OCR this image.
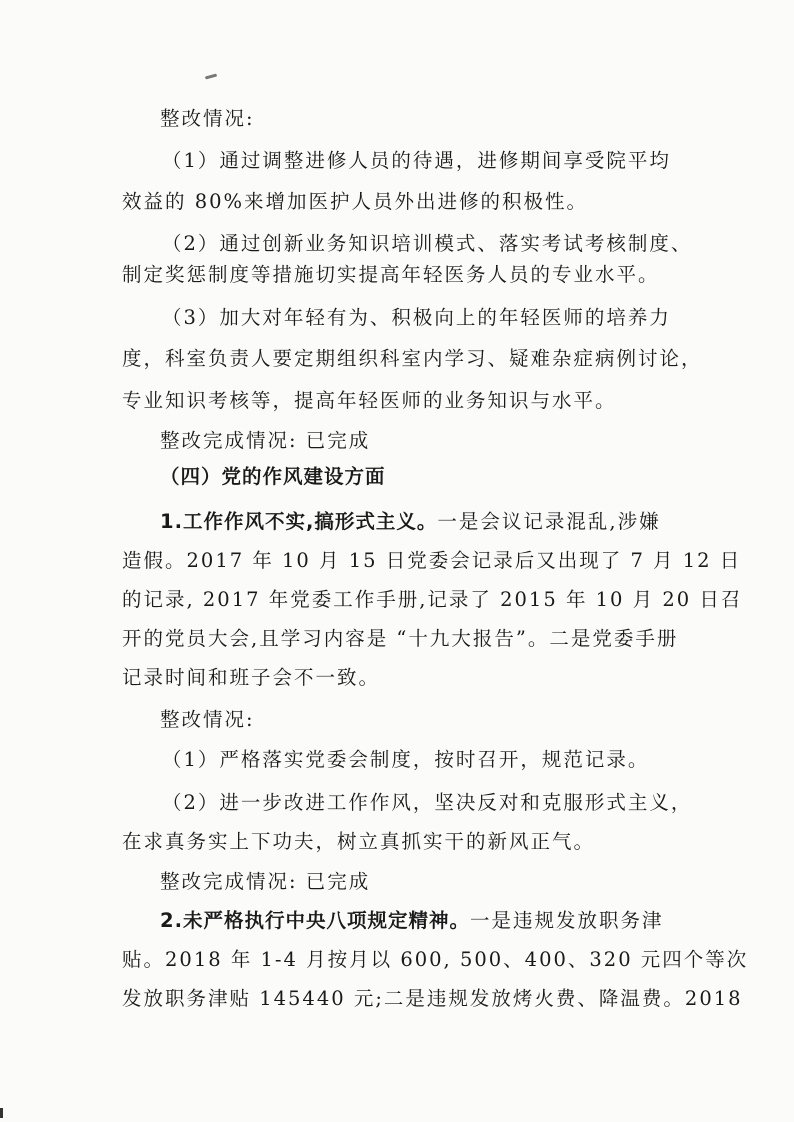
整改情况:
（1）通过调整进修人员的待遇，进修期间享受院平均
效益的 80%来增加医护人员外出进修的积极性。
（2）通过创新业务知识培训模式、落实考试考核制度、
制定奖惩制度等措施切实提高年轻医务人员的专业水平。
（3）加大对年轻有为、积极向上的年轻医师的培养力
度，科室负责人要定期组织科室内学习、疑难杂症病例讨论，
专业知识考核等，提高年轻医师的业务知识与水平。
整改完成情况: 已完成
（四）党的作风建设方面
1.工作作风不实,搞形式主义。一是会议记录混乱,涉嫌
造假。2017 年 10 月 15 日党委会记录后又出现了 7 月 12 日
的记录, 2017 年党委工作手册,记录了 2015 年 10 月 20 日召
开的党员大会,且学习内容是 “十九大报告”。二是党委手册
记录时间和班子会不一致。
整改情况:
（1）严格落实党委会制度，按时召开，规范记录。
（2）进一步改进工作作风，坚决反对和克服形式主义，
在求真务实上下功夫，树立真抓实干的新风正气。
整改完成情况: 已完成
2.未严格执行中央八项规定精神。一是违规发放职务津
贴。2018 年 1-4 月按月以 600, 500、400、320 元四个等次
发放职务津贴 145440 元;二是违规发放烤火费、降温费。2018
